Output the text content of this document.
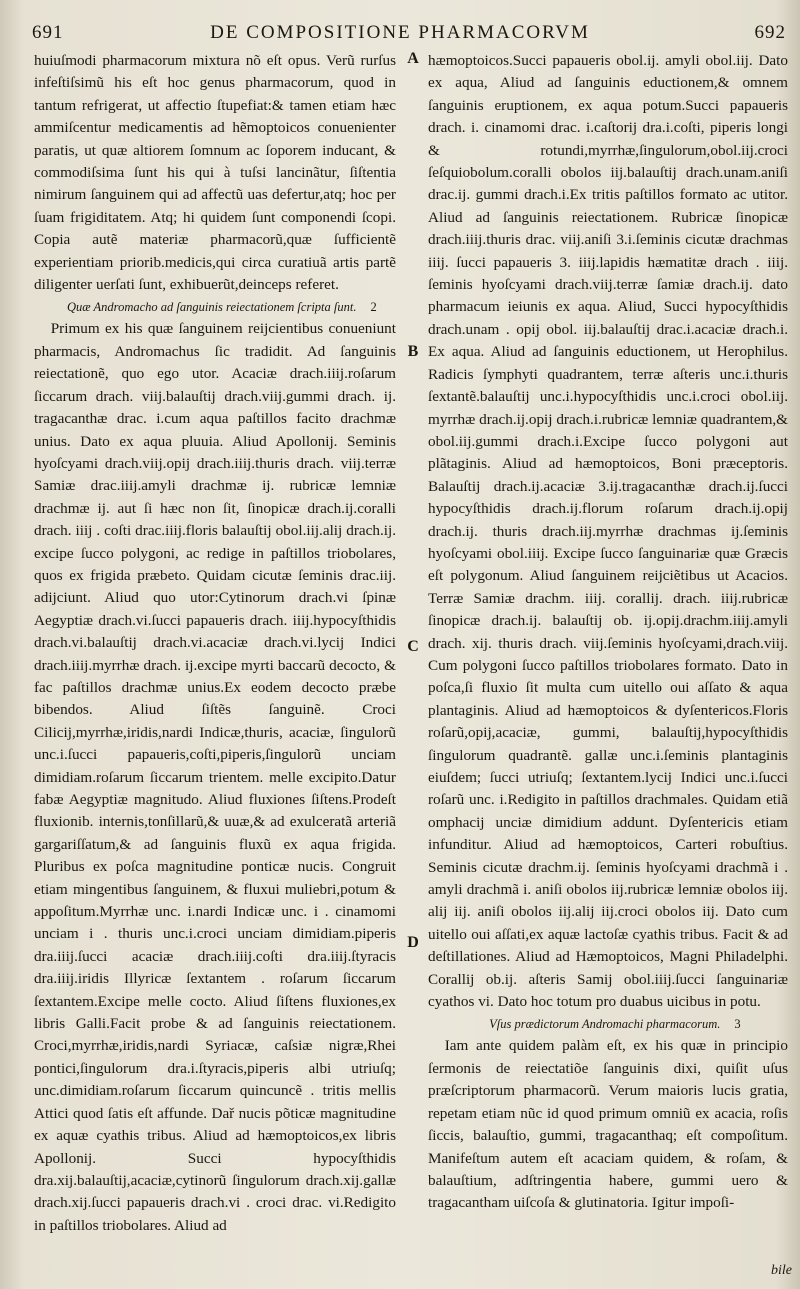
691	DE COMPOSITIONE PHARMACORVM	692

huiuſmodi pharmacorum mixtura nõ eſt opus. Verũ rurſus infeſtiſsimũ his eſt hoc genus pharmacorum, quod in tantum refrigerat, ut affectio ſtupefiat:& tamen etiam hæc ammiſcentur medicamentis ad hẽmoptoicos conuenienter paratis, ut quæ altiorem ſomnum ac ſoporem inducant, & commodiſsima ſunt his qui à tuſsi lancinãtur, ſiſtentia nimirum ſanguinem qui ad affectũ uas defertur,atq; hoc per ſuam frigiditatem. Atq; hi quidem ſunt componendi ſcopi. Copia autẽ materiæ pharmacorũ,quæ ſufficientẽ experientiam priorib.medicis,qui circa curatiuã artis partẽ diligenter uerſati ſunt, exhibuerũt,deinceps referet.

Quæ Andromacho ad ſanguinis reiectationem ſcripta ſunt. 2

Primum ex his quæ ſanguinem reijcientibus conueniunt pharmacis, Andromachus ſic tradidit. Ad ſanguinis reiectationẽ, quo ego utor. Acaciæ drach.iiij.roſarum ſiccarum drach. viij.balauſtij drach.viij.gummi drach. ij. tragacanthæ drac. i.cum aqua paſtillos facito drachmæ unius. Dato ex aqua pluuia. Aliud Apollonij. Seminis hyoſcyami drach.viij.opij drach.iiij.thuris drach. viij.terræ Samiæ drac.iiij.amyli drachmæ ij. rubricæ lemniæ drachmæ ij. aut ſi hæc non ſit, ſinopicæ drach.ij.coralli drach. iiij . coſti drac.iiij.floris balauſtij obol.iij.alij drach.ij. excipe ſucco polygoni, ac redige in paſtillos triobolares, quos ex frigida præbeto. Quidam cicutæ ſeminis drac.iij. adijciunt. Aliud quo utor:Cytinorum drach.vi ſpinæ Aegyptiæ drach.vi.ſucci papaueris drach. iiij.hypocyſthidis drach.vi.balauſtij drach.vi.acaciæ drach.vi.lycij Indici drach.iiij.myrrhæ drach. ij.excipe myrti baccarũ decocto, & fac paſtillos drachmæ unius.Ex eodem decocto præbe bibendos. Aliud ſiſtẽs ſanguinẽ. Croci Cilicij,myrrhæ,iridis,nardi Indicæ,thuris, acaciæ, ſingulorũ unc.i.ſucci papaueris,coſti,piperis,ſingulorũ unciam dimidiam.roſarum ſiccarum trientem. melle excipito.Datur fabæ Aegyptiæ magnitudo. Aliud fluxiones ſiſtens.Prodeſt fluxionib. internis,tonſillarũ,& uuæ,& ad exulceratã arteriã gargariſſatum,& ad ſanguinis fluxũ ex aqua frigida. Pluribus ex poſca magnitudine ponticæ nucis. Congruit etiam mingentibus ſanguinem, & fluxui muliebri,potum & appoſitum.Myrrhæ unc. i.nardi Indicæ unc. i . cinamomi unciam i . thuris unc.i.croci unciam dimidiam.piperis dra.iiij.ſucci acaciæ drach.iiij.coſti dra.iiij.ſtyracis dra.iiij.iridis Illyricæ ſextantem . roſarum ſiccarum ſextantem.Excipe melle cocto. Aliud ſiſtens fluxiones,ex libris Galli.Facit probe & ad ſanguinis reiectationem. Croci,myrrhæ,iridis,nardi Syriacæ, caſsiæ nigræ,Rhei pontici,ſingulorum dra.i.ſtyracis,piperis albi utriuſq; unc.dimidiam.roſarum ſiccarum quincuncẽ . tritis mellis Attici quod ſatis eſt affunde. Dař nucis põticæ magnitudine ex aquæ cyathis tribus. Aliud ad hæmoptoicos,ex libris Apollonij. Succi hypocyſthidis dra.xij.balauſtij,acaciæ,cytinorũ ſingulorum drach.xij.gallæ drach.xij.ſucci papaueris drach.vi . croci drac. vi.Redigito in paſtillos triobolares. Aliud ad

A
B
C
D

hæmoptoicos.Succi papaueris obol.ij. amyli obol.iij. Dato ex aqua, Aliud ad ſanguinis eductionem,& omnem ſanguinis eruptionem, ex aqua potum.Succi papaueris drach. i. cinamomi drac. i.caſtorij dra.i.coſti, piperis longi & rotundi,myrrhæ,ſingulorum,obol.iij.croci ſeſquiobolum.coralli obolos iij.balauſtij drach.unam.aniſi drac.ij. gummi drach.i.Ex tritis paſtillos formato ac utitor. Aliud ad ſanguinis reiectationem. Rubricæ ſinopicæ drach.iiij.thuris drac. viij.aniſi 3.i.ſeminis cicutæ drachmas iiij. ſucci papaueris 3. iiij.lapidis hæmatitæ drach . iiij. ſeminis hyoſcyami drach.viij.terræ ſamiæ drach.ij. dato pharmacum ieiunis ex aqua. Aliud, Succi hypocyſthidis drach.unam . opij obol. iij.balauſtij drac.i.acaciæ drach.i. Ex aqua. Aliud ad ſanguinis eductionem, ut Herophilus. Radicis ſymphyti quadrantem, terræ aſteris unc.i.thuris ſextantẽ.balauſtij unc.i.hypocyſthidis unc.i.croci obol.iij. myrrhæ drach.ij.opij drach.i.rubricæ lemniæ quadrantem,& obol.iij.gummi drach.i.Excipe ſucco polygoni aut plãtaginis. Aliud ad hæmoptoicos, Boni præceptoris. Balauſtij drach.ij.acaciæ 3.ij.tragacanthæ drach.ij.ſucci hypocyſthidis drach.ij.florum roſarum drach.ij.opij drach.ij. thuris drach.iij.myrrhæ drachmas ij.ſeminis hyoſcyami obol.iiij. Excipe ſucco ſanguinariæ quæ Græcis eſt polygonum. Aliud ſanguinem reijciẽtibus ut Acacios. Terræ Samiæ drachm. iiij. corallij. drach. iiij.rubricæ ſinopicæ drach.ij. balauſtij ob. ij.opij.drachm.iiij.amyli drach. xij. thuris drach. viij.ſeminis hyoſcyami,drach.viij. Cum polygoni ſucco paſtillos triobolares formato. Dato in poſca,ſi fluxio ſit multa cum uitello oui aſſato & aqua plantaginis. Aliud ad hæmoptoicos & dyſentericos.Floris roſarũ,opij,acaciæ, gummi, balauſtij,hypocyſthidis ſingulorum quadrantẽ. gallæ unc.i.ſeminis plantaginis eiuſdem; ſucci utriuſq; ſextantem.lycij Indici unc.i.ſucci roſarũ unc. i.Redigito in paſtillos drachmales. Quidam etiã omphacij unciæ dimidium addunt. Dyſentericis etiam infunditur. Aliud ad hæmoptoicos, Carteri robuſtius. Seminis cicutæ drachm.ij. ſeminis hyoſcyami drachmã i . amyli drachmã i. aniſi obolos iij.rubricæ lemniæ obolos iij. alij iij. aniſi obolos iij.alij iij.croci obolos iij. Dato cum uitello oui aſſati,ex aquæ lactoſæ cyathis tribus. Facit & ad deſtillationes. Aliud ad Hæmoptoicos, Magni Philadelphi. Corallij ob.ij. aſteris Samij obol.iiij.ſucci ſanguinariæ cyathos vi. Dato hoc totum pro duabus uicibus in potu.

Vſus prædictorum Andromachi pharmacorum. 3

Iam ante quidem palàm eſt, ex his quæ in principio ſermonis de reiectatiõe ſanguinis dixi, quiſit uſus præſcriptorum pharmacorũ. Verum maioris lucis gratia, repetam etiam nũc id quod primum omniũ ex acacia, roſis ſiccis, balauſtio, gummi, tragacanthaq; eſt compoſitum. Manifeſtum autem eſt acaciam quidem, & roſam, & balauſtium, adſtringentia habere, gummi uero & tragacantham uiſcoſa & glutinatoria. Igitur impoſi-

bile
